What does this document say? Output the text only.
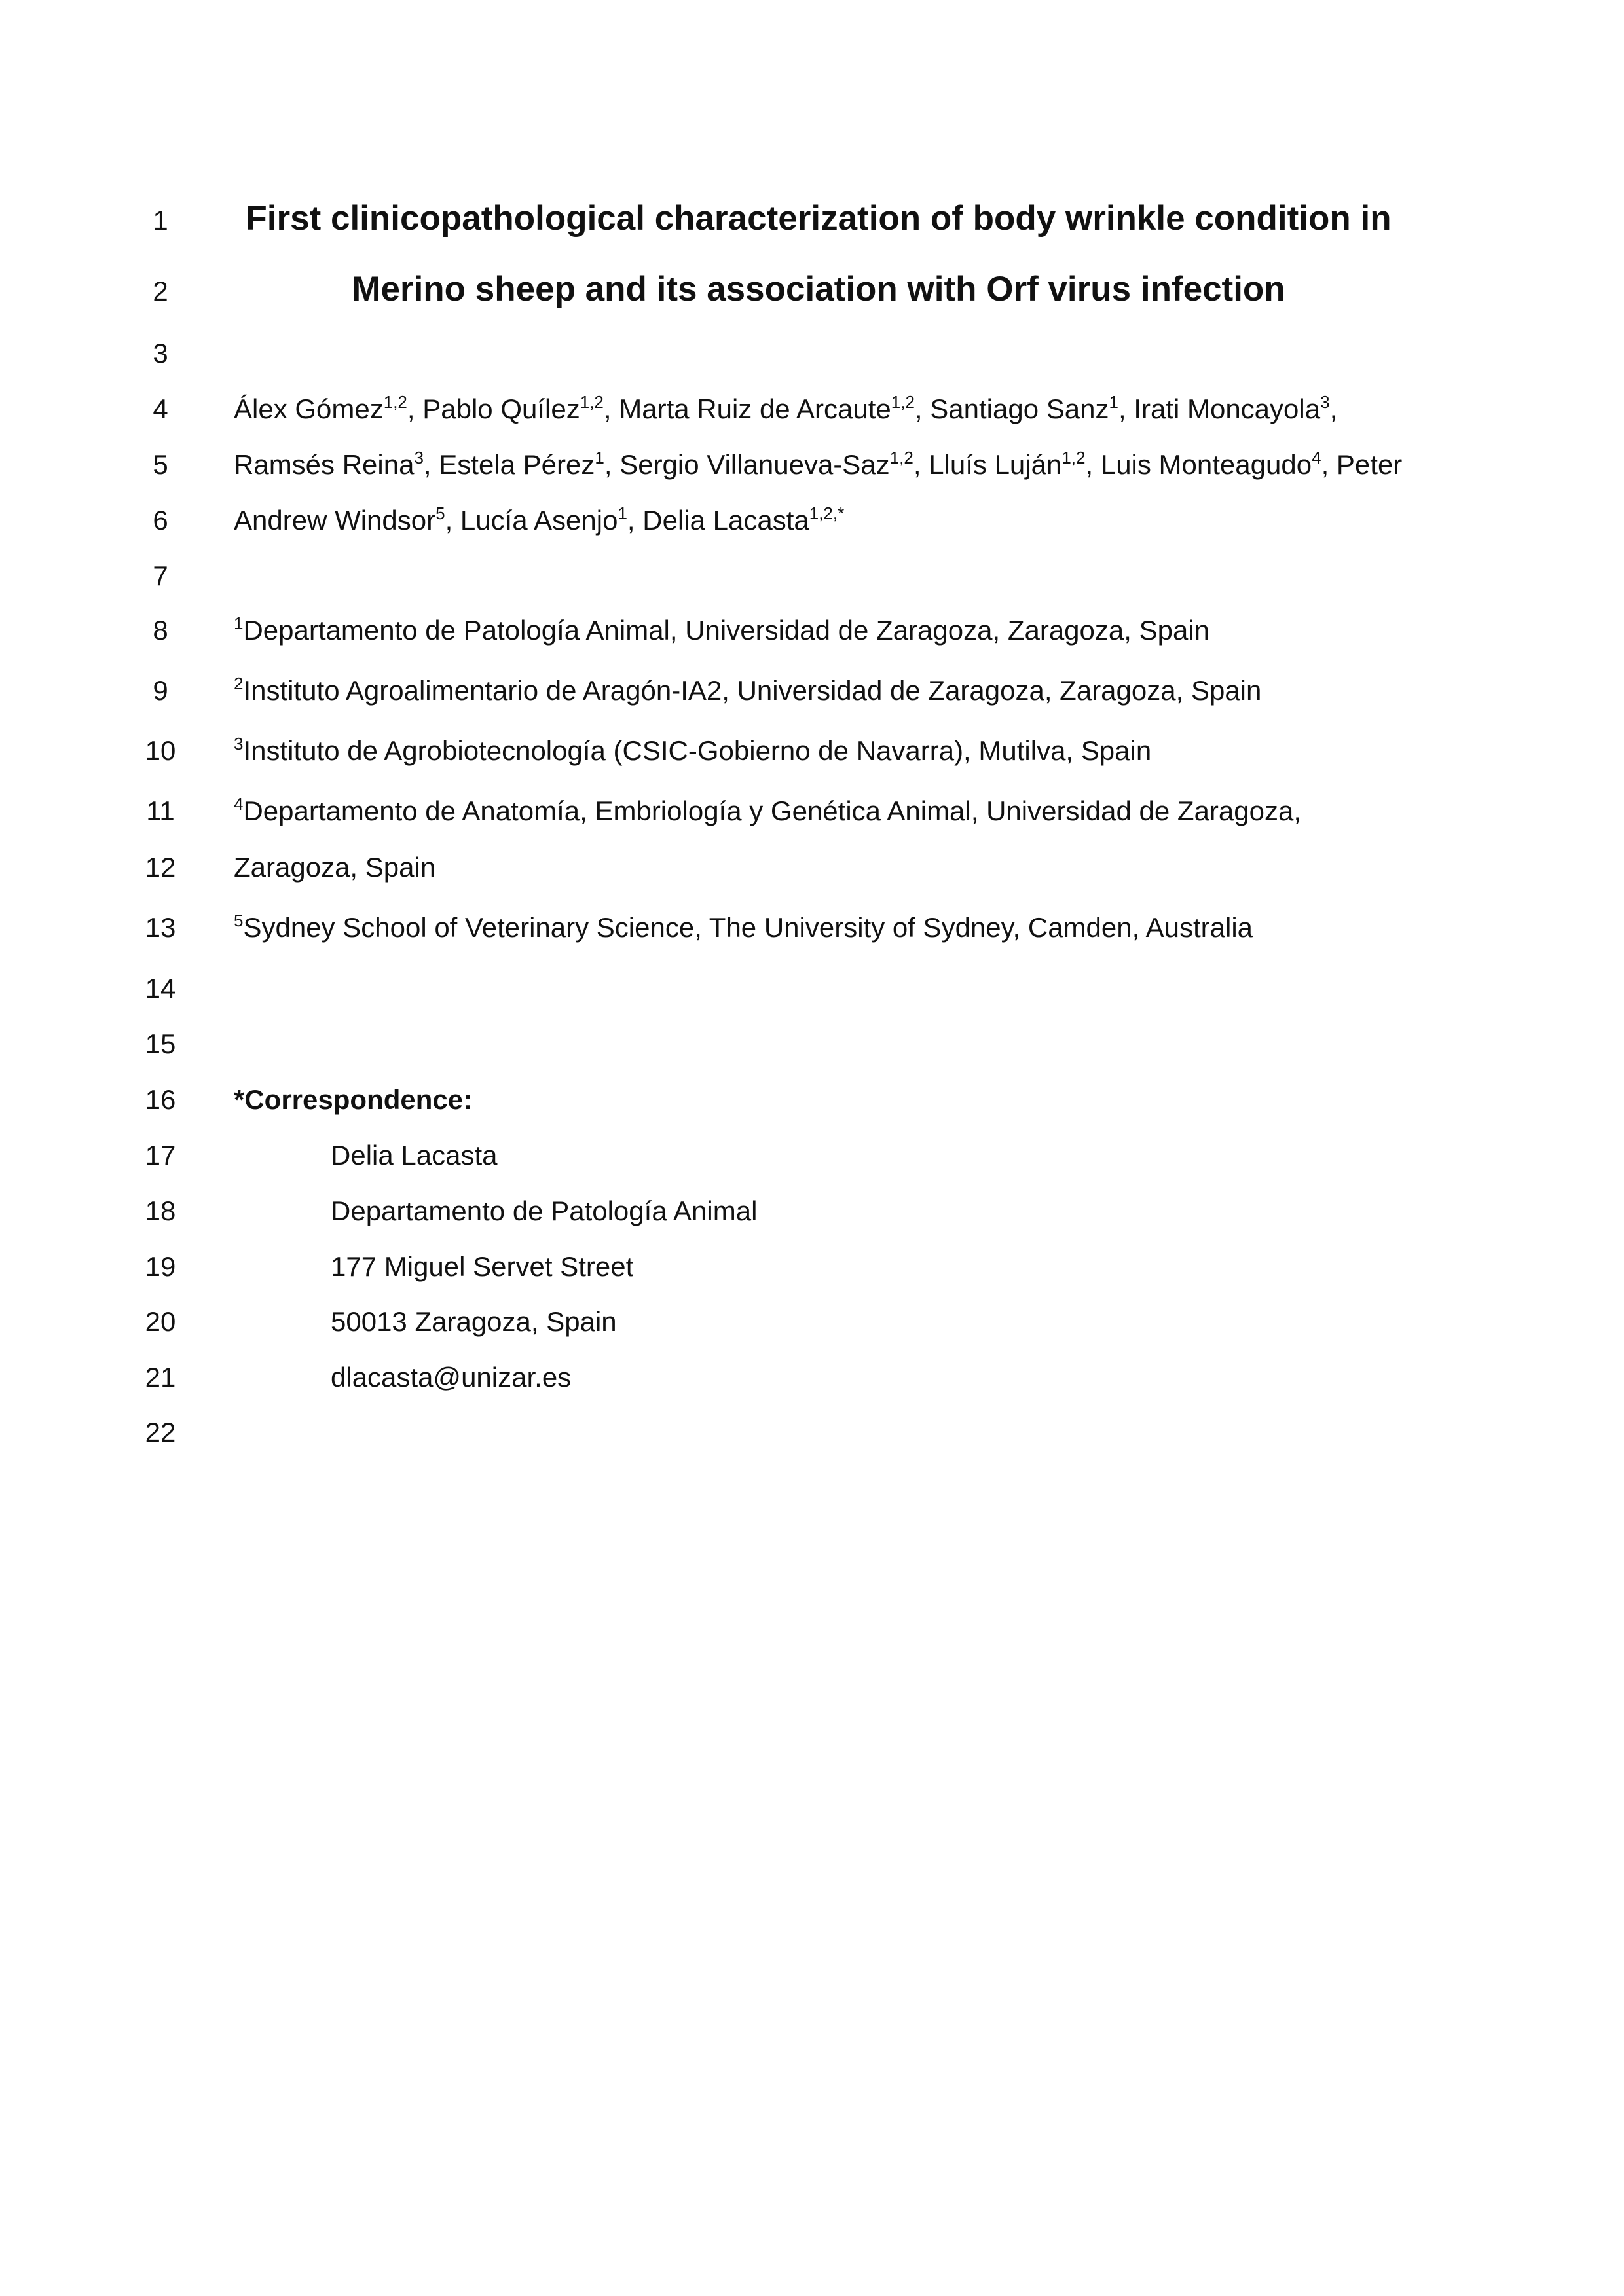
1
2
3
4
5
6
7
8
9
10
11
12
13
14
15
16
17
18
19
20
21
22
First clinicopathological characterization of body wrinkle condition in
Merino sheep and its association with Orf virus infection
Álex Gómez$^{1,2}$, Pablo Quílez$^{1,2}$, Marta Ruiz de Arcaute$^{1,2}$, Santiago Sanz$^1$, Irati Moncayola$^3$,
Ramsés Reina$^3$, Estela Pérez$^1$, Sergio Villanueva-Saz$^{1,2}$, Lluís Luján$^{1,2}$, Luis Monteagudo$^4$, Peter
Andrew Windsor$^5$, Lucía Asenjo$^1$, Delia Lacasta$^{1,2,*}$
$^1$Departamento de Patología Animal, Universidad de Zaragoza, Zaragoza, Spain
$^2$Instituto Agroalimentario de Aragón-IA2, Universidad de Zaragoza, Zaragoza, Spain
$^3$Instituto de Agrobiotecnología (CSIC-Gobierno de Navarra), Mutilva, Spain
$^4$Departamento de Anatomía, Embriología y Genética Animal, Universidad de Zaragoza,
Zaragoza, Spain
$^5$Sydney School of Veterinary Science, The University of Sydney, Camden, Australia
*Correspondence:
Delia Lacasta
Departamento de Patología Animal
177 Miguel Servet Street
50013 Zaragoza, Spain
dlacasta@unizar.es
